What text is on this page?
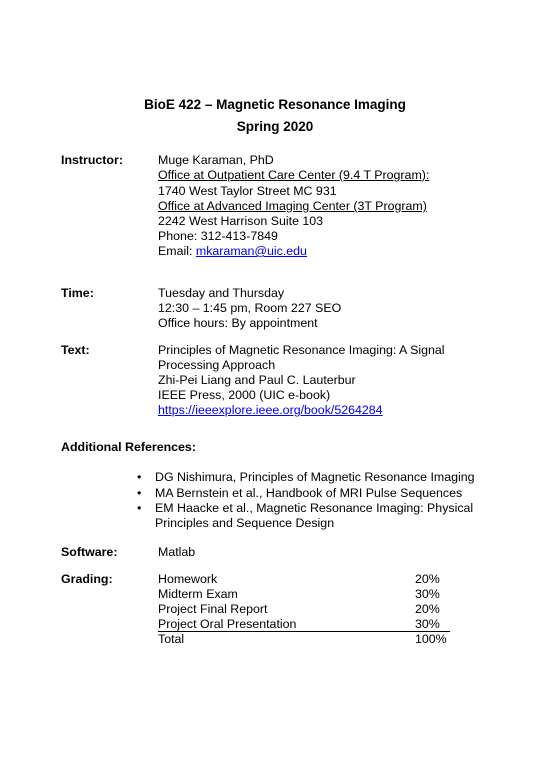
BioE 422 – Magnetic Resonance Imaging
Spring 2020
Instructor:	Muge Karaman, PhD
Office at Outpatient Care Center (9.4 T Program):
1740 West Taylor Street MC 931
Office at Advanced Imaging Center (3T Program)
2242 West Harrison Suite 103
Phone: 312-413-7849
Email: mkaraman@uic.edu
Time:	Tuesday and Thursday
12:30 – 1:45 pm, Room 227 SEO
Office hours: By appointment
Text:	Principles of Magnetic Resonance Imaging: A Signal
Processing Approach
Zhi-Pei Liang and Paul C. Lauterbur
IEEE Press, 2000 (UIC e-book)
https://ieeexplore.ieee.org/book/5264284
Additional References:
DG Nishimura, Principles of Magnetic Resonance Imaging
MA Bernstein et al., Handbook of MRI Pulse Sequences
EM Haacke et al., Magnetic Resonance Imaging: Physical
Principles and Sequence Design
Software:	Matlab
Grading:	Homework	20%
Midterm Exam	30%
Project Final Report	20%
Project Oral Presentation	30%
Total	100%
